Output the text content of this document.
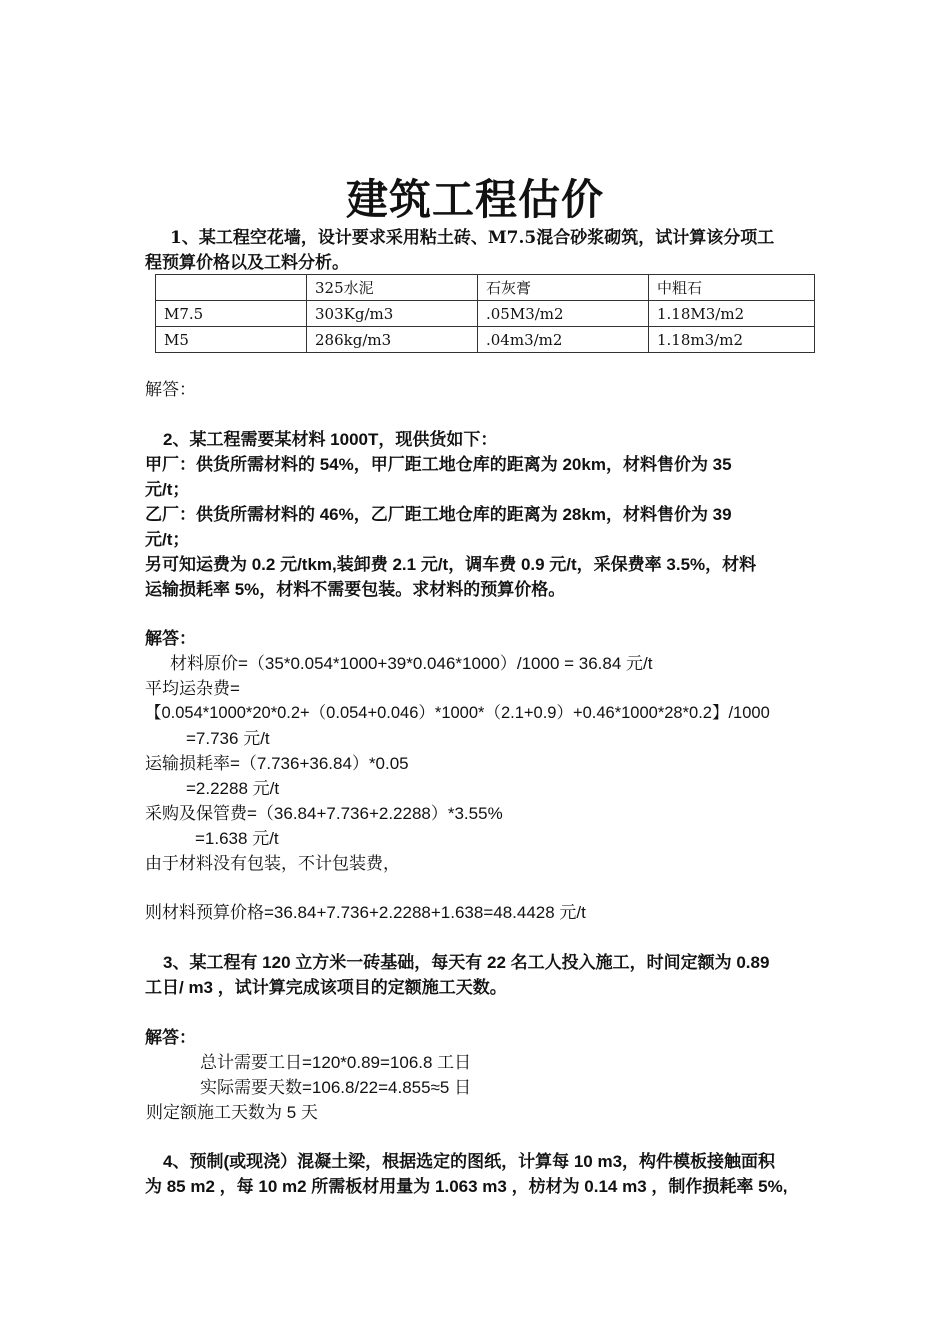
建筑工程估价
1、某工程空花墙，设计要求采用粘土砖、M7.5混合砂浆砌筑，试计算该分项工
程预算价格以及工料分析。
	325水泥	石灰膏	中粗石
M7.5	303Kg/m3	.05M3/m2	1.18M3/m2
M5	286kg/m3	.04m3/m2	1.18m3/m2
解答：
2、某工程需要某材料 1000T，现供货如下：
甲厂：供货所需材料的 54%，甲厂距工地仓库的距离为 20km，材料售价为 35
元/t；
乙厂：供货所需材料的 46%，乙厂距工地仓库的距离为 28km，材料售价为 39
元/t；
另可知运费为 0.2 元/tkm,装卸费 2.1 元/t，调车费 0.9 元/t，采保费率 3.5%，材料
运输损耗率 5%，材料不需要包装。求材料的预算价格。
解答：
材料原价=（35*0.054*1000+39*0.046*1000）/1000 = 36.84 元/t
平均运杂费=
【0.054*1000*20*0.2+（0.054+0.046）*1000*（2.1+0.9）+0.46*1000*28*0.2】/1000
=7.736 元/t
运输损耗率=（7.736+36.84）*0.05
=2.2288 元/t
采购及保管费=（36.84+7.736+2.2288）*3.55%
=1.638 元/t
由于材料没有包装，不计包装费，
则材料预算价格=36.84+7.736+2.2288+1.638=48.4428 元/t
3、某工程有 120 立方米一砖基础，每天有 22 名工人投入施工，时间定额为 0.89
工日/ m3 ，试计算完成该项目的定额施工天数。
解答：
总计需要工日=120*0.89=106.8 工日
实际需要天数=106.8/22=4.855≈5 日
则定额施工天数为 5 天
4、预制(或现浇）混凝土梁，根据选定的图纸，计算每 10 m3，构件模板接触面积
为 85 m2 ，每 10 m2 所需板材用量为 1.063 m3 ，枋材为 0.14 m3 ，制作损耗率 5%,
